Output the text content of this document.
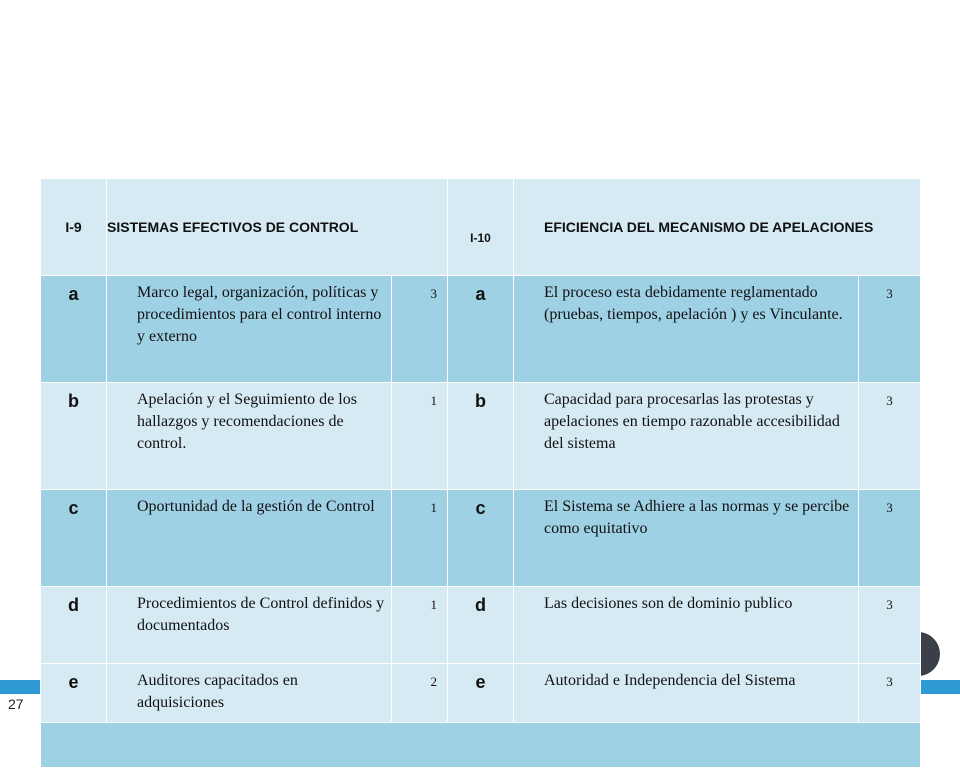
I-9	SISTEMAS EFECTIVOS DE CONTROL		I-10	EFICIENCIA DEL MECANISMO DE APELACIONES	
a	Marco legal, organización, políticas y procedimientos para el control interno y externo	3	a	El proceso esta debidamente reglamentado (pruebas, tiempos, apelación ) y es Vinculante.	3
b	Apelación y el Seguimiento de los hallazgos y recomendaciones de control.	1	b	Capacidad para procesarlas las protestas y apelaciones en tiempo razonable accesibilidad del sistema	3
c	Oportunidad de la gestión de Control	1	c	El Sistema se Adhiere a las normas y se percibe como equitativo	3
d	Procedimientos de Control definidos y documentados	1	d	Las decisiones son de dominio publico	3
e	Auditores capacitados en adquisiciones	2	e	Autoridad e Independencia del Sistema	3

27
